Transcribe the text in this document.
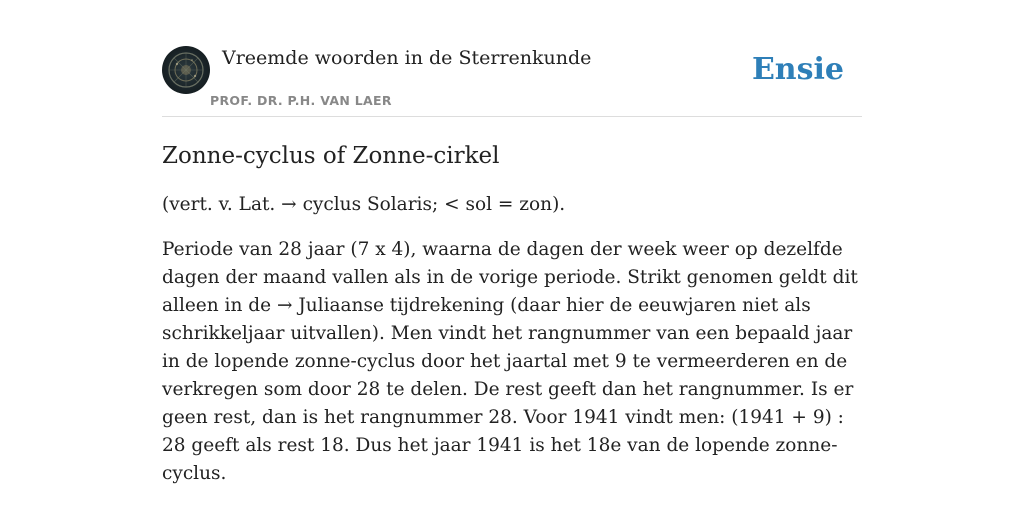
Vreemde woorden in de Sterrenkunde
PROF. DR. P.H. VAN LAER
Ensie
Zonne-cyclus of Zonne-cirkel

(vert. v. Lat. → cyclus Solaris; < sol = zon).

Periode van 28 jaar (7 x 4), waarna de dagen der week weer op dezelfde dagen der maand vallen als in de vorige periode. Strikt genomen geldt dit alleen in de → Juliaanse tijdrekening (daar hier de eeuwjaren niet als schrikkeljaar uitvallen). Men vindt het rangnummer van een bepaald jaar in de lopende zonne-cyclus door het jaartal met 9 te vermeerderen en de verkregen som door 28 te delen. De rest geeft dan het rangnummer. Is er geen rest, dan is het rangnummer 28. Voor 1941 vindt men: (1941 + 9) : 28 geeft als rest 18. Dus het jaar 1941 is het 18e van de lopende zonne-cyclus.
